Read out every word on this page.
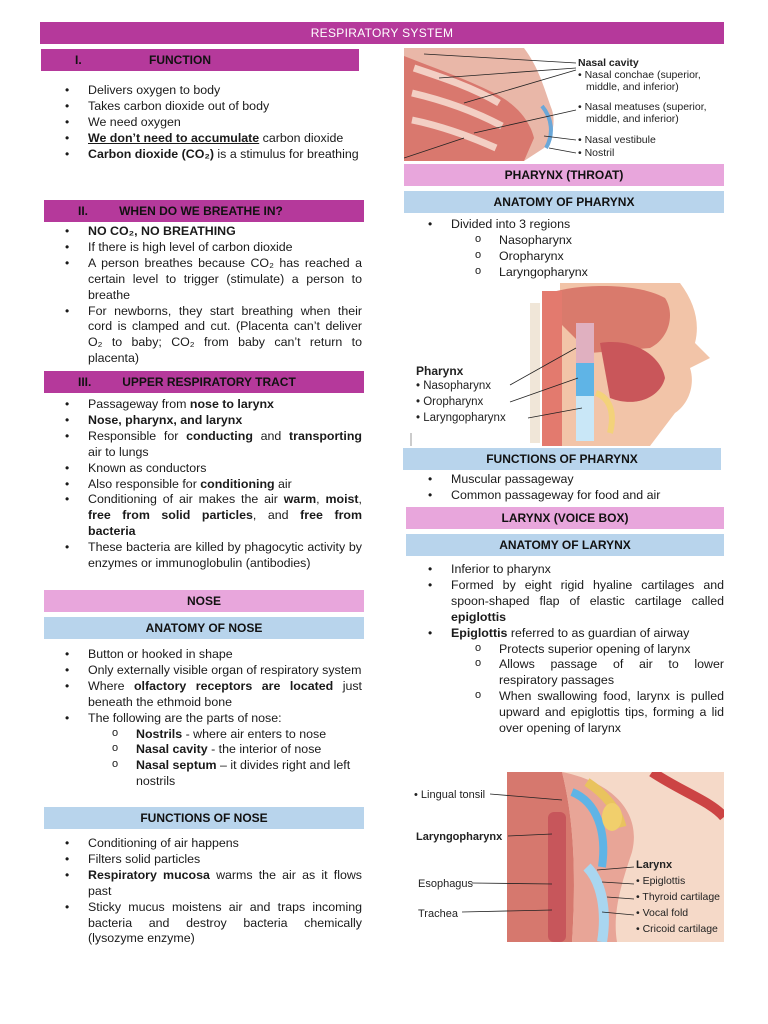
RESPIRATORY SYSTEM
I.	FUNCTION
• Delivers oxygen to body
• Takes carbon dioxide out of body
• We need oxygen
• We don’t need to accumulate carbon dioxide
• Carbon dioxide (CO₂) is a stimulus for breathing
II.	WHEN DO WE BREATHE IN?
• NO CO₂, NO BREATHING
• If there is high level of carbon dioxide
• A person breathes because CO₂ has reached a certain level to trigger (stimulate) a person to breathe
• For newborns, they start breathing when their cord is clamped and cut. (Placenta can’t deliver O₂ to baby; CO₂ from baby can’t return to placenta)
III.	UPPER RESPIRATORY TRACT
• Passageway from nose to larynx
• Nose, pharynx, and larynx
• Responsible for conducting and transporting air to lungs
• Known as conductors
• Also responsible for conditioning air
• Conditioning of air makes the air warm, moist, free from solid particles, and free from bacteria
• These bacteria are killed by phagocytic activity by enzymes or immunoglobulin (antibodies)
NOSE
ANATOMY OF NOSE
• Button or hooked in shape
• Only externally visible organ of respiratory system
• Where olfactory receptors are located just beneath the ethmoid bone
• The following are the parts of nose:
o Nostrils - where air enters to nose
o Nasal cavity - the interior of nose
o Nasal septum – it divides right and left nostrils
FUNCTIONS OF NOSE
• Conditioning of air happens
• Filters solid particles
• Respiratory mucosa warms the air as it flows past
• Sticky mucus moistens air and traps incoming bacteria and destroy bacteria chemically (lysozyme enzyme)
Nasal cavity
• Nasal conchae (superior,
middle, and inferior)
• Nasal meatuses (superior,
middle, and inferior)
• Nasal vestibule
• Nostril
PHARYNX (THROAT)
ANATOMY OF PHARYNX
• Divided into 3 regions
o Nasopharynx
o Oropharynx
o Laryngopharynx
Pharynx
• Nasopharynx
• Oropharynx
• Laryngopharynx
FUNCTIONS OF PHARYNX
• Muscular passageway
• Common passageway for food and air
LARYNX (VOICE BOX)
ANATOMY OF LARYNX
• Inferior to pharynx
• Formed by eight rigid hyaline cartilages and spoon-shaped flap of elastic cartilage called epiglottis
• Epiglottis referred to as guardian of airway
o Protects superior opening of larynx
o Allows passage of air to lower respiratory passages
o When swallowing food, larynx is pulled upward and epiglottis tips, forming a lid over opening of larynx
• Lingual tonsil
Laryngopharynx
Esophagus
Trachea
Larynx
• Epiglottis
• Thyroid cartilage
• Vocal fold
• Cricoid cartilage
